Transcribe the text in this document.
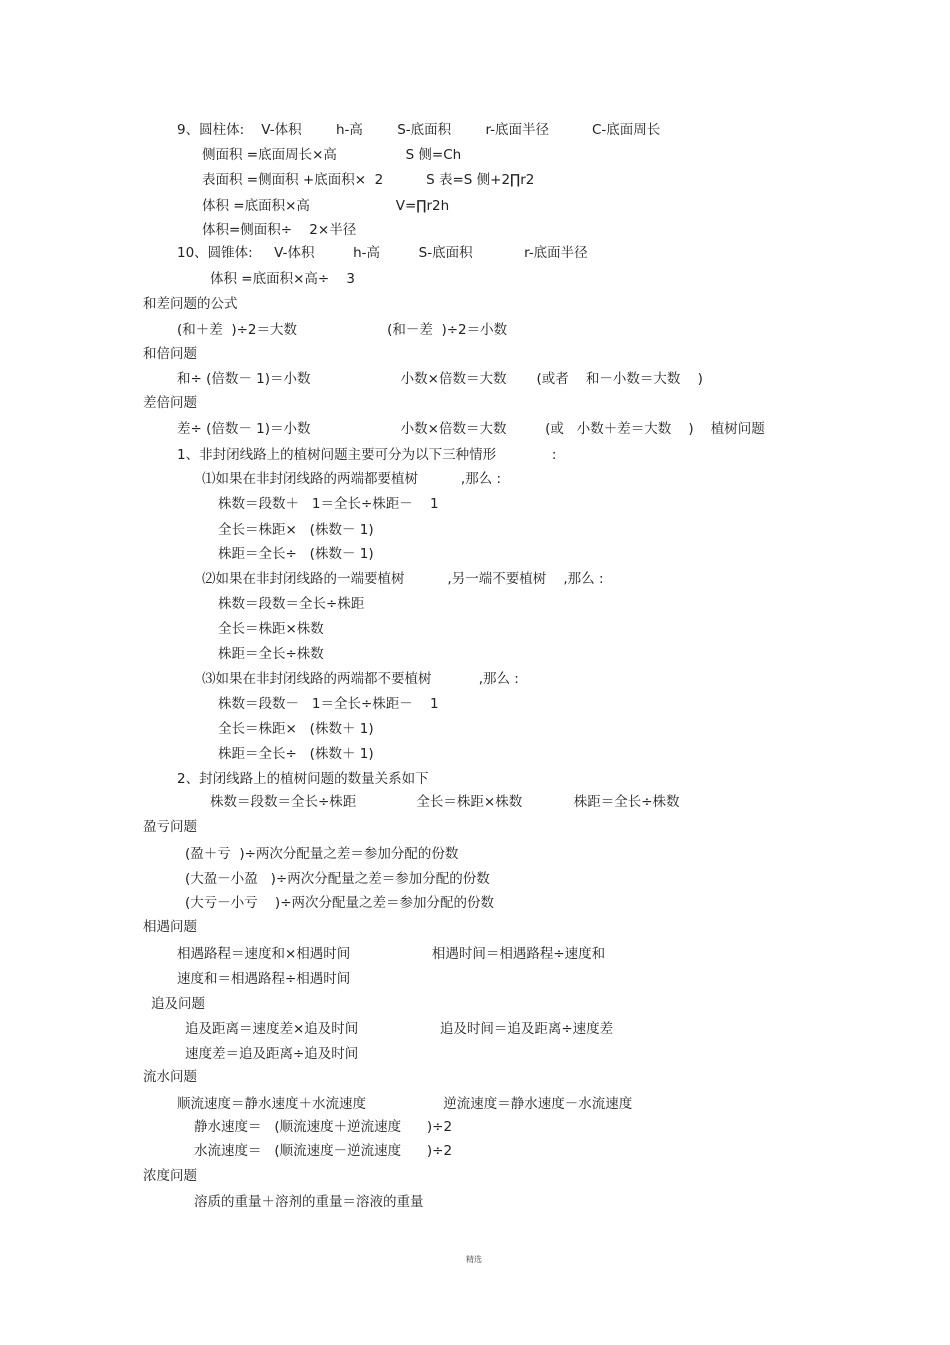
9、圆柱体:    V-体积        h-高        S-底面积        r-底面半径          C-底面周长
侧面积 =底面周长×高                S 侧=Ch
表面积 =侧面积 +底面积×  2          S 表=S 侧+2∏r2
体积 =底面积×高                    V=∏r2h
体积=侧面积÷    2×半径
10、圆锥体:     V-体积         h-高         S-底面积            r-底面半径
体积 =底面积×高÷    3
和差问题的公式
(和＋差  )÷2＝大数                     (和－差  )÷2＝小数
和倍问题
和÷ (倍数－ 1)＝小数                     小数×倍数＝大数       (或者    和－小数＝大数    )
差倍问题
差÷ (倍数－ 1)＝小数                     小数×倍数＝大数         (或   小数＋差＝大数    )    植树问题
1、非封闭线路上的植树问题主要可分为以下三种情形             :
⑴如果在非封闭线路的两端都要植树          ,那么 :
株数＝段数＋   1＝全长÷株距－    1
全长＝株距×   (株数－ 1)
株距＝全长÷   (株数－ 1)
⑵如果在非封闭线路的一端要植树          ,另一端不要植树    ,那么 :
株数＝段数＝全长÷株距
全长＝株距×株数
株距＝全长÷株数
⑶如果在非封闭线路的两端都不要植树           ,那么 :
株数＝段数－   1＝全长÷株距－    1
全长＝株距×   (株数＋ 1)
株距＝全长÷   (株数＋ 1)
2、封闭线路上的植树问题的数量关系如下
株数＝段数＝全长÷株距              全长＝株距×株数            株距＝全长÷株数
盈亏问题
(盈＋亏  )÷两次分配量之差＝参加分配的份数
(大盈－小盈   )÷两次分配量之差＝参加分配的份数
(大亏－小亏    )÷两次分配量之差＝参加分配的份数
相遇问题
相遇路程＝速度和×相遇时间                   相遇时间＝相遇路程÷速度和
速度和＝相遇路程÷相遇时间
追及问题
追及距离＝速度差×追及时间                   追及时间＝追及距离÷速度差
速度差＝追及距离÷追及时间
流水问题
顺流速度＝静水速度＋水流速度                  逆流速度＝静水速度－水流速度
静水速度＝   (顺流速度＋逆流速度      )÷2
水流速度＝   (顺流速度－逆流速度      )÷2
浓度问题
溶质的重量＋溶剂的重量＝溶液的重量
精选
